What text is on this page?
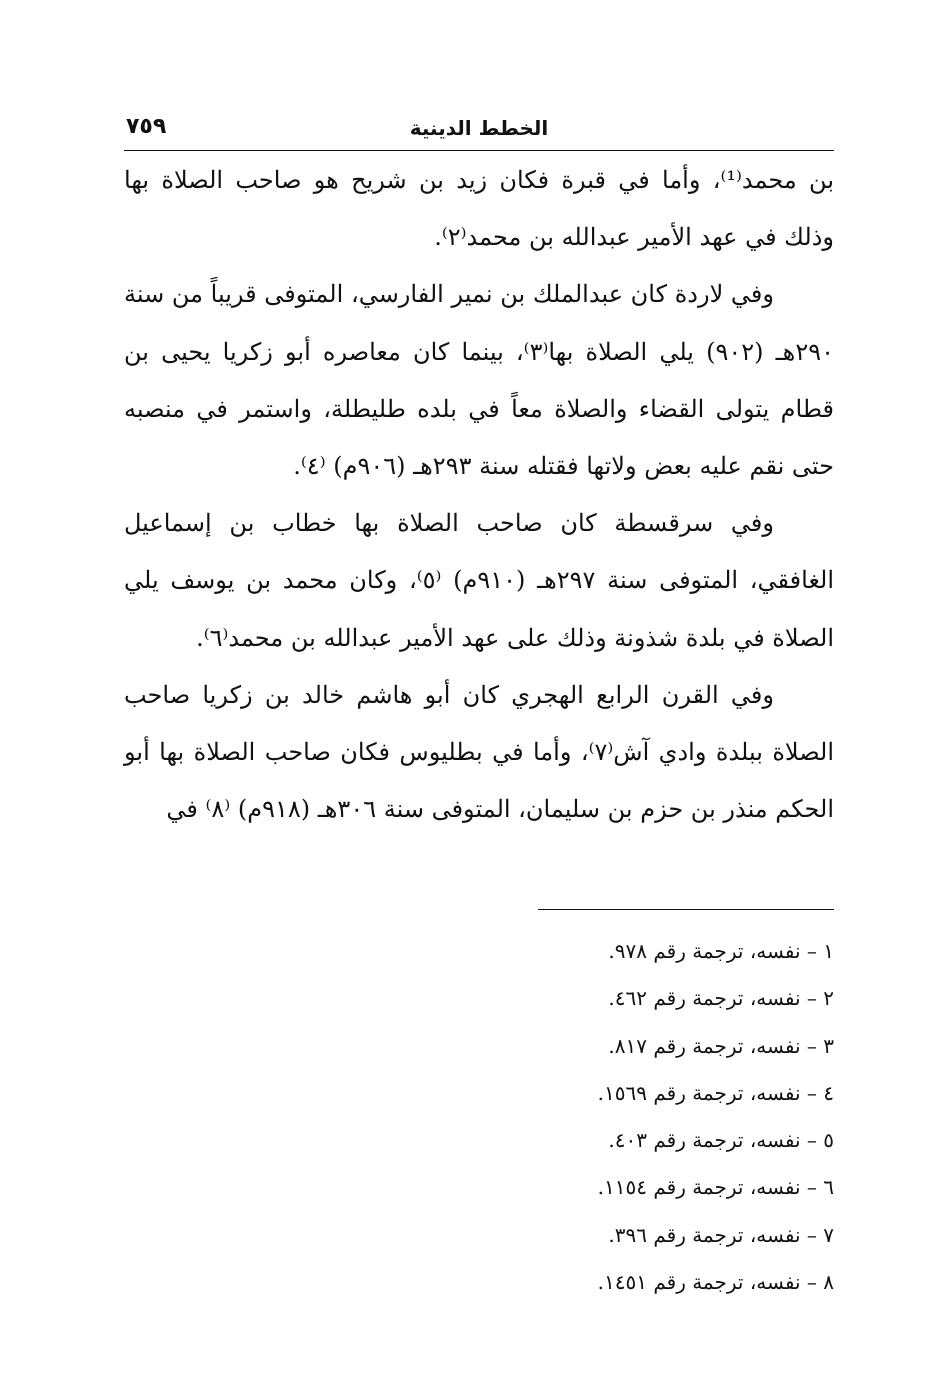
الخطط الدينية
٧٥٩

بن محمد⁽¹⁾، وأما في قبرة فكان زيد بن شريح هو صاحب الصلاة بها وذلك في عهد الأمير عبدالله بن محمد⁽٢⁾.

وفي لاردة كان عبدالملك بن نمير الفارسي، المتوفى قريباً من سنة ٢٩٠هـ (٩٠٢) يلي الصلاة بها⁽٣⁾، بينما كان معاصره أبو زكريا يحيى بن قطام يتولى القضاء والصلاة معاً في بلده طليطلة، واستمر في منصبه حتى نقم عليه بعض ولاتها فقتله سنة ٢٩٣هـ (٩٠٦م) ⁽٤⁾.

وفي سرقسطة كان صاحب الصلاة بها خطاب بن إسماعيل الغافقي، المتوفى سنة ٢٩٧هـ (٩١٠م) ⁽٥⁾، وكان محمد بن يوسف يلي الصلاة في بلدة شذونة وذلك على عهد الأمير عبدالله بن محمد⁽٦⁾.

وفي القرن الرابع الهجري كان أبو هاشم خالد بن زكريا صاحب الصلاة ببلدة وادي آش⁽٧⁾، وأما في بطليوس فكان صاحب الصلاة بها أبو الحكم منذر بن حزم بن سليمان، المتوفى سنة ٣٠٦هـ (٩١٨م) ⁽٨⁾ في

١ – نفسه، ترجمة رقم ٩٧٨.
٢ – نفسه، ترجمة رقم ٤٦٢.
٣ – نفسه، ترجمة رقم ٨١٧.
٤ – نفسه، ترجمة رقم ١٥٦٩.
٥ – نفسه، ترجمة رقم ٤٠٣.
٦ – نفسه، ترجمة رقم ١١٥٤.
٧ – نفسه، ترجمة رقم ٣٩٦.
٨ – نفسه، ترجمة رقم ١٤٥١.
